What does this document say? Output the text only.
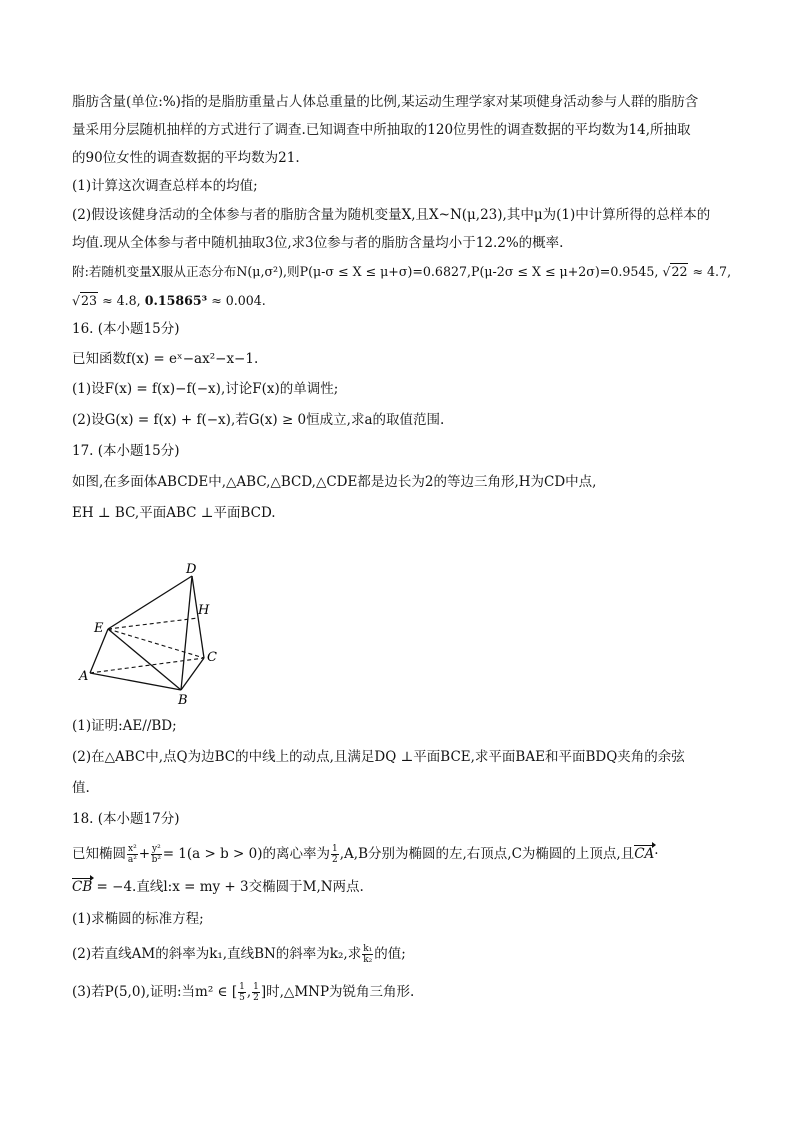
脂肪含量(单位:%)指的是脂肪重量占人体总重量的比例,某运动生理学家对某项健身活动参与人群的脂肪含
量采用分层随机抽样的方式进行了调查.已知调查中所抽取的120位男性的调查数据的平均数为14,所抽取
的90位女性的调查数据的平均数为21.
(1)计算这次调查总样本的均值;
(2)假设该健身活动的全体参与者的脂肪含量为随机变量X,且X~N(μ,23),其中μ为(1)中计算所得的总样本的
均值.现从全体参与者中随机抽取3位,求3位参与者的脂肪含量均小于12.2%的概率.
附:若随机变量X服从正态分布N(μ,σ²),则P(μ-σ ≤ X ≤ μ+σ)=0.6827,P(μ-2σ ≤ X ≤ μ+2σ)=0.9545, √22 ≈ 4.7,
√23 ≈ 4.8, 0.15865³ ≈ 0.004.
16. (本小题15分)
已知函数f(x) = eˣ−ax²−x−1.
(1)设F(x) = f(x)−f(−x),讨论F(x)的单调性;
(2)设G(x) = f(x) + f(−x),若G(x) ≥ 0恒成立,求a的取值范围.
17. (本小题15分)
如图,在多面体ABCDE中,△ABC,△BCD,△CDE都是边长为2的等边三角形,H为CD中点,
EH ⊥ BC,平面ABC ⊥平面BCD.
D
H
E
C
A
B
(1)证明:AE//BD;
(2)在△ABC中,点Q为边BC的中线上的动点,且满足DQ ⊥平面BCE,求平面BAE和平面BDQ夹角的余弦
值.
18. (本小题17分)
已知椭圆 $\frac{\text{x²}}{\text{a²}} + \frac{\text{y²}}{\text{b²}} = 1(a > b > 0)$的离心率为 $\frac{1}{2} ,A,B$分别为椭圆的左,右顶点,C为椭圆的上顶点,且CA·
CB = −4.直线l:x = my + 3交椭圆于M,N两点.
(1)求椭圆的标准方程;
(2)若直线AM的斜率为k₁,直线BN的斜率为k₂,求 $\frac{\text{k₁}}{\text{k₂}}$ 的值;
(3)若P(5,0),证明:当m² ∈ [ $\frac{1}{5}$ , $\frac{1}{2}$ ]时,△MNP为锐角三角形.
